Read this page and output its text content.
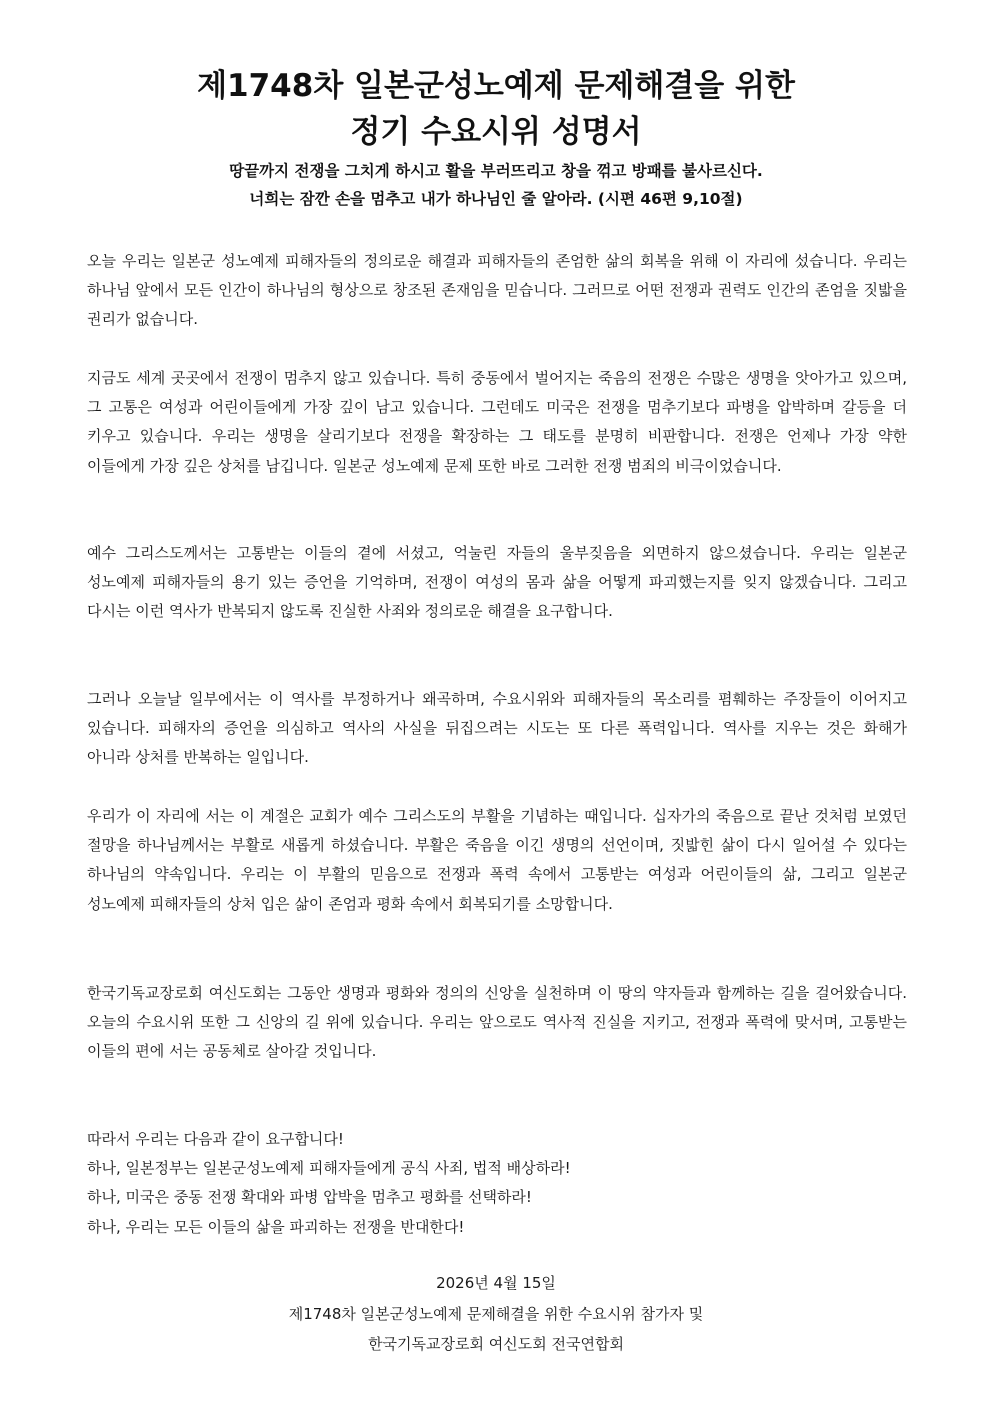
제1748차 일본군성노예제 문제해결을 위한
정기 수요시위 성명서
땅끝까지 전쟁을 그치게 하시고 활을 부러뜨리고 창을 꺾고 방패를 불사르신다.
너희는 잠깐 손을 멈추고 내가 하나님인 줄 알아라. (시편 46편 9,10절)

오늘 우리는 일본군 성노예제 피해자들의 정의로운 해결과 피해자들의 존엄한 삶의 회복을 위해 이 자리에 섰습니다. 우리는 하나님 앞에서 모든 인간이 하나님의 형상으로 창조된 존재임을 믿습니다. 그러므로 어떤 전쟁과 권력도 인간의 존엄을 짓밟을 권리가 없습니다.

지금도 세계 곳곳에서 전쟁이 멈추지 않고 있습니다. 특히 중동에서 벌어지는 죽음의 전쟁은 수많은 생명을 앗아가고 있으며, 그 고통은 여성과 어린이들에게 가장 깊이 남고 있습니다. 그런데도 미국은 전쟁을 멈추기보다 파병을 압박하며 갈등을 더 키우고 있습니다. 우리는 생명을 살리기보다 전쟁을 확장하는 그 태도를 분명히 비판합니다. 전쟁은 언제나 가장 약한 이들에게 가장 깊은 상처를 남깁니다. 일본군 성노예제 문제 또한 바로 그러한 전쟁 범죄의 비극이었습니다.

예수 그리스도께서는 고통받는 이들의 곁에 서셨고, 억눌린 자들의 울부짖음을 외면하지 않으셨습니다. 우리는 일본군 성노예제 피해자들의 용기 있는 증언을 기억하며, 전쟁이 여성의 몸과 삶을 어떻게 파괴했는지를 잊지 않겠습니다. 그리고 다시는 이런 역사가 반복되지 않도록 진실한 사죄와 정의로운 해결을 요구합니다.

그러나 오늘날 일부에서는 이 역사를 부정하거나 왜곡하며, 수요시위와 피해자들의 목소리를 폄훼하는 주장들이 이어지고 있습니다. 피해자의 증언을 의심하고 역사의 사실을 뒤집으려는 시도는 또 다른 폭력입니다. 역사를 지우는 것은 화해가 아니라 상처를 반복하는 일입니다.

우리가 이 자리에 서는 이 계절은 교회가 예수 그리스도의 부활을 기념하는 때입니다. 십자가의 죽음으로 끝난 것처럼 보였던 절망을 하나님께서는 부활로 새롭게 하셨습니다. 부활은 죽음을 이긴 생명의 선언이며, 짓밟힌 삶이 다시 일어설 수 있다는 하나님의 약속입니다. 우리는 이 부활의 믿음으로 전쟁과 폭력 속에서 고통받는 여성과 어린이들의 삶, 그리고 일본군 성노예제 피해자들의 상처 입은 삶이 존엄과 평화 속에서 회복되기를 소망합니다.

한국기독교장로회 여신도회는 그동안 생명과 평화와 정의의 신앙을 실천하며 이 땅의 약자들과 함께하는 길을 걸어왔습니다. 오늘의 수요시위 또한 그 신앙의 길 위에 있습니다. 우리는 앞으로도 역사적 진실을 지키고, 전쟁과 폭력에 맞서며, 고통받는 이들의 편에 서는 공동체로 살아갈 것입니다.

따라서 우리는 다음과 같이 요구합니다!
하나, 일본정부는 일본군성노예제 피해자들에게 공식 사죄, 법적 배상하라!
하나, 미국은 중동 전쟁 확대와 파병 압박을 멈추고 평화를 선택하라!
하나, 우리는 모든 이들의 삶을 파괴하는 전쟁을 반대한다!
2026년 4월 15일
제1748차 일본군성노예제 문제해결을 위한 수요시위 참가자 및
한국기독교장로회 여신도회 전국연합회
